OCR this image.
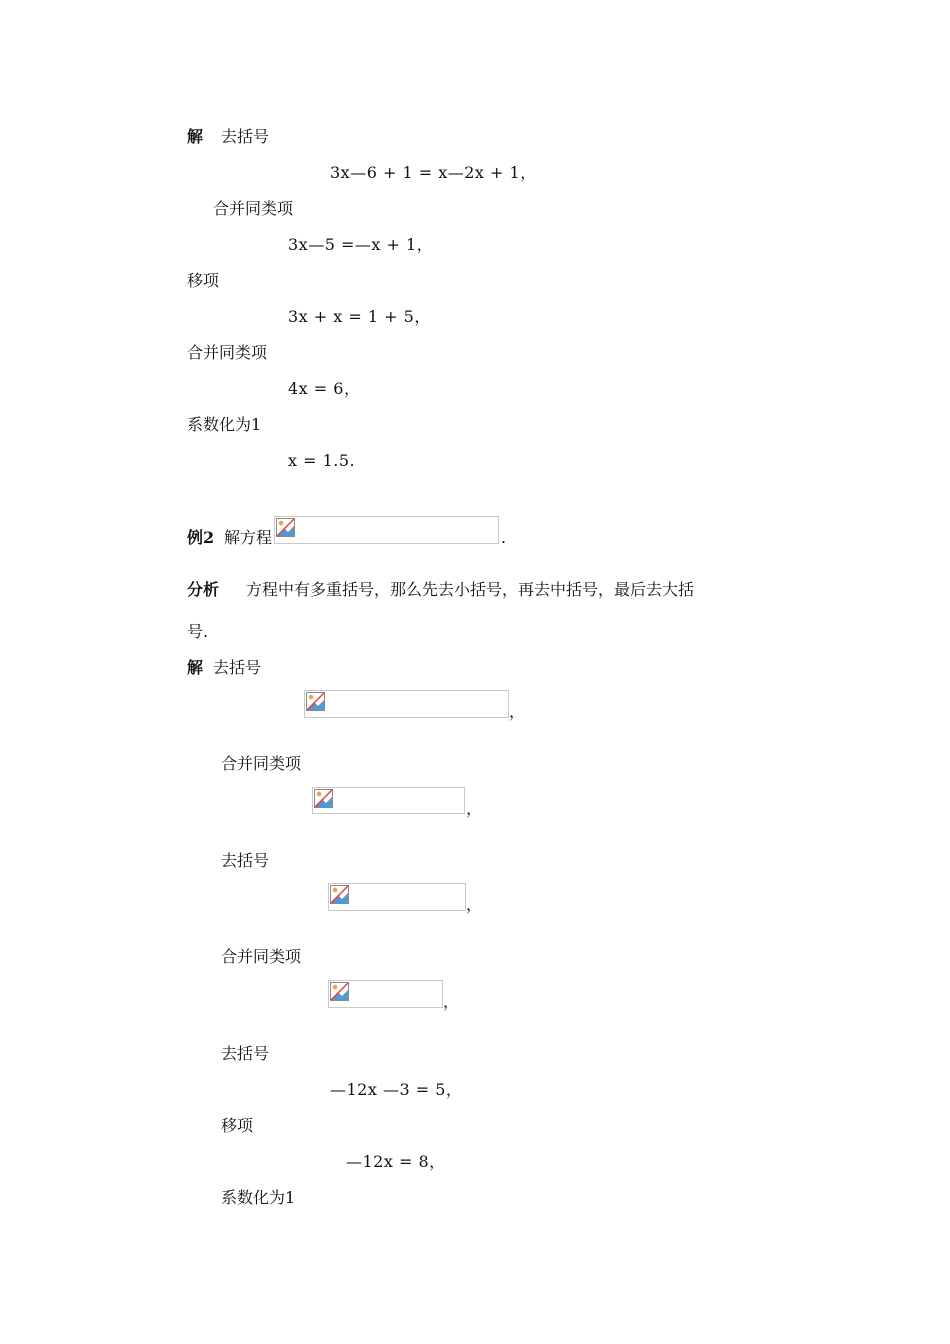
解 去括号
3x—6 + 1 = x—2x + 1，
合并同类项
3x—5 =—x + 1，
移项
3x + x = 1 + 5，
合并同类项
4x = 6，
系数化为1
x = 1.5.
例2 解方程	.
分析 方程中有多重括号，那么先去小括号，再去中括号，最后去大括
号.
解 去括号
，
合并同类项
，
去括号
，
合并同类项
，
去括号
—12x —3 = 5，
移项
—12x = 8，
系数化为1
